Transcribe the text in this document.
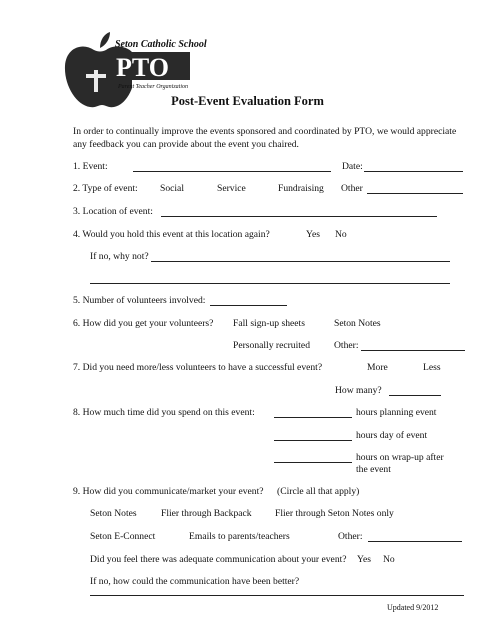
Seton Catholic School
PTO
Parent Teacher Organization
Post-Event Evaluation Form
In order to continually improve the events sponsored and coordinated by PTO, we would appreciate any feedback you can provide about the event you chaired.
1. Event:	Date:
2. Type of event: Social	Service	Fundraising Other
3. Location of event:
4. Would you hold this event at this location again?	Yes No
If no, why not?
5. Number of volunteers involved:
6. How did you get your volunteers? Fall sign-up sheets	Seton Notes
Personally recruited	Other:
7. Did you need more/less volunteers to have a successful event?	More	Less
How many?
8. How much time did you spend on this event:	hours planning event
hours day of event
hours on wrap-up after
the event
9. How did you communicate/market your event? (Circle all that apply)
Seton Notes	Flier through Backpack Flier through Seton Notes only
Seton E-Connect	Emails to parents/teachers	Other:
Did you feel there was adequate communication about your event? Yes No
If no, how could the communication have been better?
Updated 9/2012
